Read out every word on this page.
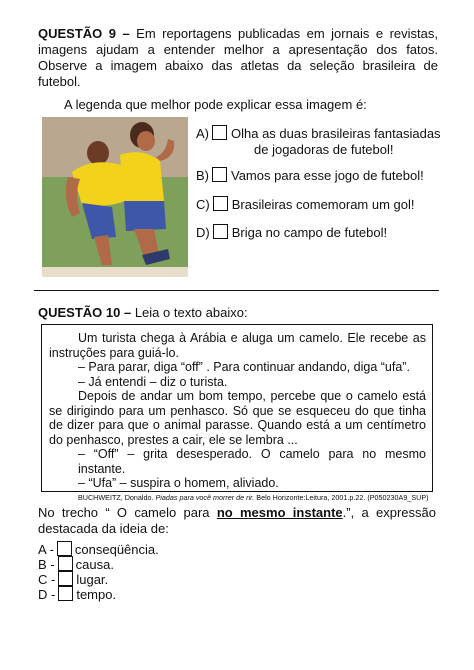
QUESTÃO 9 – Em reportagens publicadas em jornais e revistas, imagens ajudam a entender melhor a apresentação dos fatos. Observe a imagem abaixo das atletas da seleção brasileira de futebol.
A legenda que melhor pode explicar essa imagem é:
A) Olha as duas brasileiras fantasiadas
de jogadoras de futebol!
B) Vamos para esse jogo de futebol!
C) Brasileiras comemoram um gol!
D) Briga no campo de futebol!
QUESTÃO 10 – Leia o texto abaixo:

Um turista chega à Arábia e aluga um camelo. Ele recebe as instruções para guiá-lo.

– Para parar, diga “off” . Para continuar andando, diga “ufa”.

– Já entendi – diz o turista.

Depois de andar um bom tempo, percebe que o camelo está se dirigindo para um penhasco. Só que se esqueceu do que tinha de dizer para que o animal parasse. Quando está a um centímetro do penhasco, prestes a cair, ele se lembra ...

– “Off” – grita desesperado. O camelo para no mesmo instante.

– “Ufa” – suspira o homem, aliviado.

BUCHWEITZ, Donaldo. Piadas para você morrer de rir. Belo Horizonte:Leitura, 2001.p.22. (P050230A9_SUP)

No trecho “ O camelo para no mesmo instante.”, a expressão destacada da ideia de:
A - conseqüência.
B - causa.
C - lugar.
D - tempo.
